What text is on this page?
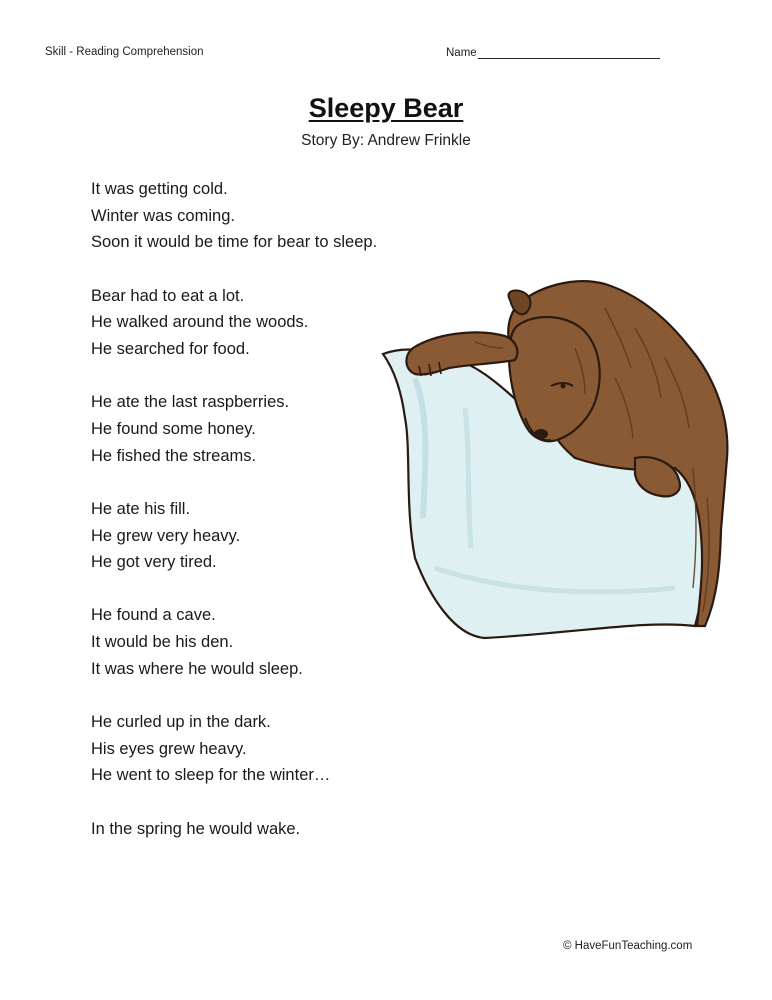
Skill - Reading Comprehension	Name
Sleepy Bear
Story By: Andrew Frinkle
It was getting cold.
Winter was coming.
Soon it would be time for bear to sleep.
Bear had to eat a lot.
He walked around the woods.
He searched for food.
He ate the last raspberries.
He found some honey.
He fished the streams.
He ate his fill.
He grew very heavy.
He got very tired.
He found a cave.
It would be his den.
It was where he would sleep.
He curled up in the dark.
His eyes grew heavy.
He went to sleep for the winter…
In the spring he would wake.
© HaveFunTeaching.com
